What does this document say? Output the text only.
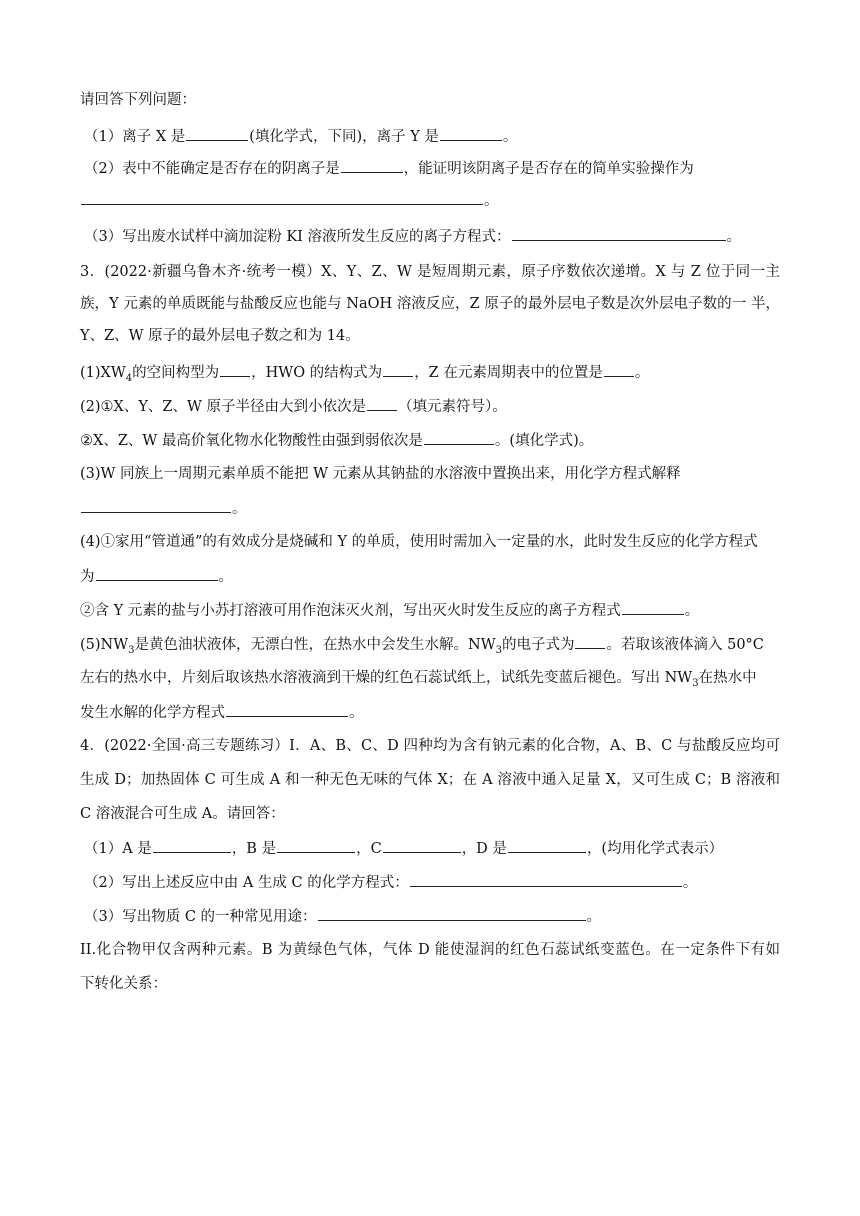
请回答下列问题：
（1）离子 X 是	(填化学式，下同)，离子 Y 是	。
（2）表中不能确定是否存在的阴离子是	，能证明该阴离子是否存在的简单实验操作为
。
（3）写出废水试样中滴加淀粉 KI 溶液所发生反应的离子方程式：	。
3．(2022·新疆乌鲁木齐·统考一模）X、Y、Z、W 是短周期元素，原子序数依次递增。X 与 Z 位于同一主
族，Y 元素的单质既能与盐酸反应也能与 NaOH 溶液反应，Z 原子的最外层电子数是次外层电子数的一 半，
Y、Z、W 原子的最外层电子数之和为 14。
$(1)XW_4$的空间构型为 ，HWO 的结构式为 ，Z 在元素周期表中的位置是 。
(2)①X、Y、Z、W 原子半径由大到小依次是 （填元素符号）。
②X、Z、W 最高价氧化物水化物酸性由强到弱依次是	。(填化学式)。
(3)W 同族上一周期元素单质不能把 W 元素从其钠盐的水溶液中置换出来，用化学方程式解释
。
(4)①家用“管道通”的有效成分是烧碱和 Y 的单质，使用时需加入一定量的水，此时发生反应的化学方程式
为	。
②含 Y 元素的盐与小苏打溶液可用作泡沫灭火剂，写出灭火时发生反应的离子方程式	。
$(5)NW_3$是黄色油状液体，无漂白性，在热水中会发生水解。$NW_3$的电子式为 。若取该液体滴入 50°C
左右的热水中，片刻后取该热水溶液滴到干燥的红色石蕊试纸上，试纸先变蓝后褪色。写出 $NW_3$在热水中
发生水解的化学方程式	。
4．(2022·全国·高三专题练习）I．A、B、C、D 四种均为含有钠元素的化合物，A、B、C 与盐酸反应均可
生成 D；加热固体 C 可生成 A 和一种无色无味的气体 X；在 A 溶液中通入足量 X，又可生成 C；B 溶液和
C 溶液混合可生成 A。请回答：
（1）A 是	，B 是	，C	，D 是	，(均用化学式表示）
（2）写出上述反应中由 A 生成 C 的化学方程式：	。
（3）写出物质 C 的一种常见用途：	。
II.化合物甲仅含两种元素。B 为黄绿色气体，气体 D 能使湿润的红色石蕊试纸变蓝色。在一定条件下有如
下转化关系：
